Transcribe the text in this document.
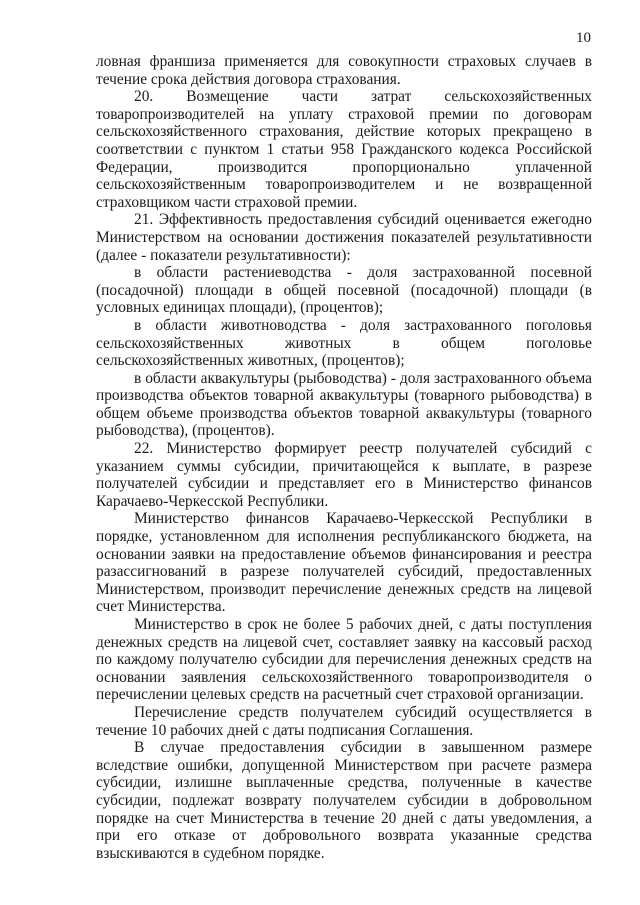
10

ловная франшиза применяется для совокупности страховых случаев в течение срока действия договора страхования.

20. Возмещение части затрат сельскохозяйственных товаропроизводителей на уплату страховой премии по договорам сельскохозяйственного страхования, действие которых прекращено в соответствии с пунктом 1 статьи 958 Гражданского кодекса Российской Федерации, производится пропорционально уплаченной сельскохозяйственным товаропроизводителем и не возвращенной страховщиком части страховой премии.

21. Эффективность предоставления субсидий оценивается ежегодно Министерством на основании достижения показателей результативности (далее - показатели результативности):

в области растениеводства - доля застрахованной посевной (посадочной) площади в общей посевной (посадочной) площади (в условных единицах площади), (процентов);

в области животноводства - доля застрахованного поголовья сельскохозяйственных животных в общем поголовье сельскохозяйственных животных, (процентов);

в области аквакультуры (рыбоводства) - доля застрахованного объема производства объектов товарной аквакультуры (товарного рыбоводства) в общем объеме производства объектов товарной аквакультуры (товарного рыбоводства), (процентов).

22. Министерство формирует реестр получателей субсидий с указанием суммы субсидии, причитающейся к выплате, в разрезе получателей субсидии и представляет его в Министерство финансов Карачаево-Черкесской Республики.

Министерство финансов Карачаево-Черкесской Республики в порядке, установленном для исполнения республиканского бюджета, на основании заявки на предоставление объемов финансирования и реестра разассигнований в разрезе получателей субсидий, предоставленных Министерством, производит перечисление денежных средств на лицевой счет Министерства.

Министерство в срок не более 5 рабочих дней, с даты поступления денежных средств на лицевой счет, составляет заявку на кассовый расход по каждому получателю субсидии для перечисления денежных средств на основании заявления сельскохозяйственного товаропроизводителя о перечислении целевых средств на расчетный счет страховой организации.

Перечисление средств получателем субсидий осуществляется в течение 10 рабочих дней с даты подписания Соглашения.

В случае предоставления субсидии в завышенном размере вследствие ошибки, допущенной Министерством при расчете размера субсидии, излишне выплаченные средства, полученные в качестве субсидии, подлежат возврату получателем субсидии в добровольном порядке на счет Министерства в течение 20 дней с даты уведомления, а при его отказе от добровольного возврата указанные средства взыскиваются в судебном порядке.
